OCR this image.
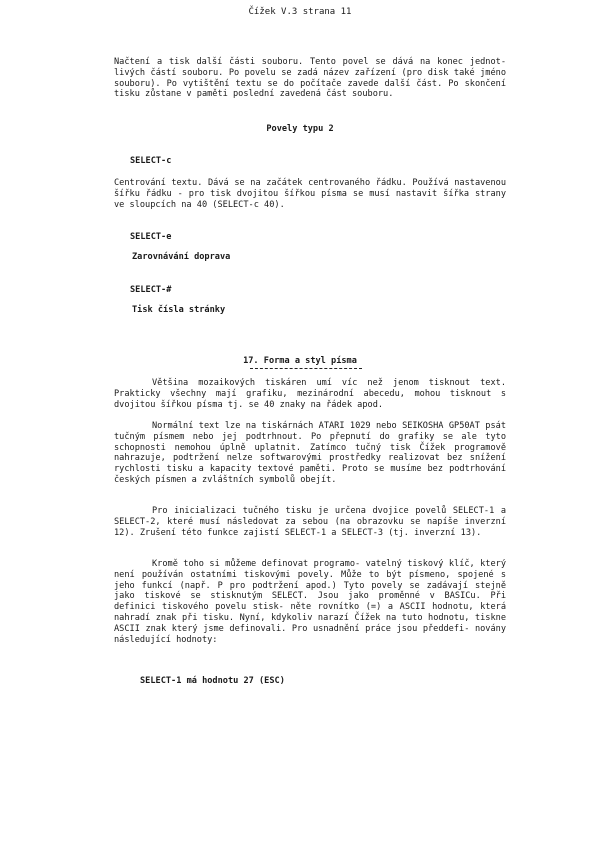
Čížek V.3 strana 11

Načtení a tisk další části souboru. Tento povel se dává na konec jednot- livých částí souboru. Po povelu se zadá název zařízení (pro disk také jméno souboru). Po vytištění textu se do počítače zavede další část. Po skončení tisku zůstane v paměti poslední zavedená část souboru.

Povely typu 2
SELECT-c

Centrování textu. Dává se na začátek centrovaného řádku. Používá nastavenou šířku řádku - pro tisk dvojitou šířkou písma se musí nastavit šířka strany ve sloupcích na 40 (SELECT-c 40).

SELECT-e
Zarovnávání doprava
SELECT-#
Tisk čísla stránky
17. Forma a styl písma

Většina mozaikových tiskáren umí víc než jenom tisknout text. Prakticky všechny mají grafiku, mezinárodní abecedu, mohou tisknout s dvojitou šířkou písma tj. se 40 znaky na řádek apod.

Normální text lze na tiskárnách ATARI 1029 nebo SEIKOSHA GP50AT psát tučným písmem nebo jej podtrhnout. Po přepnutí do grafiky se ale tyto schopnosti nemohou úplně uplatnit. Zatímco tučný tisk Čížek programově nahrazuje, podtržení nelze softwarovými prostředky realizovat bez snížení rychlosti tisku a kapacity textové paměti. Proto se musíme bez podtrhování českých písmen a zvláštních symbolů obejít.

Pro inicializaci tučného tisku je určena dvojice povelů SELECT-1 a SELECT-2, které musí následovat za sebou (na obrazovku se napíše inverzní 12). Zrušení této funkce zajistí SELECT-1 a SELECT-3 (tj. inverzní 13).

Kromě toho si můžeme definovat programo- vatelný tiskový klíč, který není používán ostatními tiskovými povely. Může to být písmeno, spojené s jeho funkcí (např. P pro podtržení apod.) Tyto povely se zadávají stejně jako tiskové se stisknutým SELECT. Jsou jako proměnné v BASICu. Při definici tiskového povelu stisk- něte rovnítko (=) a ASCII hodnotu, která nahradí znak při tisku. Nyní, kdykoliv narazí Čížek na tuto hodnotu, tiskne ASCII znak který jsme definovali. Pro usnadnění práce jsou předdefi- novány následující hodnoty:

SELECT-1 má hodnotu 27 (ESC)
